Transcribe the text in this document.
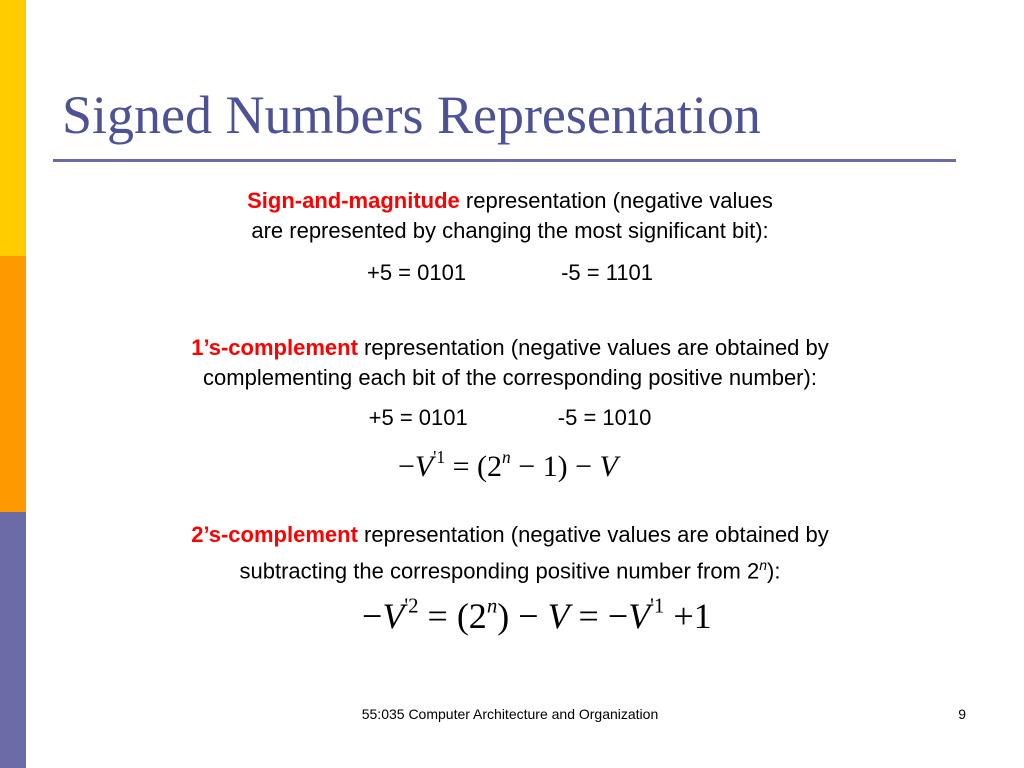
Signed Numbers Representation

Sign-and-magnitude representation (negative values
are represented by changing the most significant bit):

+5 = 0101	-5 = 1101

1’s-complement representation (negative values are obtained by
complementing each bit of the corresponding positive number):

+5 = 0101	-5 = 1010

$-V^{'1} = (2^n - 1) - V$

2’s-complement representation (negative values are obtained by
subtracting the corresponding positive number from 2$^n$):

$-V^{'2} = (2^n) - V = -V^{'1} +1$
55:035 Computer Architecture and Organization	9
